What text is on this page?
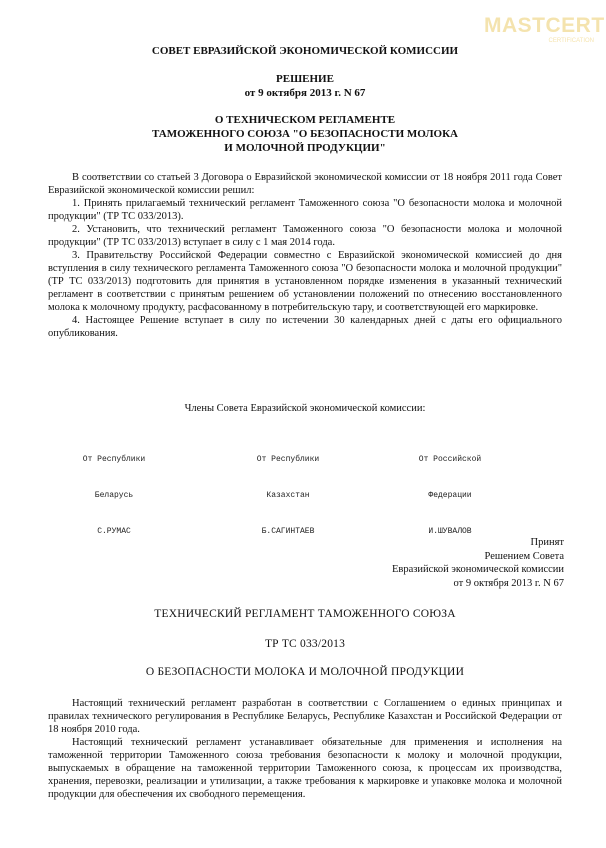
MASTCERT
CERTIFICATION
СОВЕТ ЕВРАЗИЙСКОЙ ЭКОНОМИЧЕСКОЙ КОМИССИИ
РЕШЕНИЕ
от 9 октября 2013 г. N 67
О ТЕХНИЧЕСКОМ РЕГЛАМЕНТЕ
ТАМОЖЕННОГО СОЮЗА "О БЕЗОПАСНОСТИ МОЛОКА
И МОЛОЧНОЙ ПРОДУКЦИИ"

В соответствии со статьей 3 Договора о Евразийской экономической комиссии от 18 ноября 2011 года Совет Евразийской экономической комиссии решил:

1. Принять прилагаемый технический регламент Таможенного союза "О безопасности молока и молочной продукции" (ТР ТС 033/2013).

2. Установить, что технический регламент Таможенного союза "О безопасности молока и молочной продукции" (ТР ТС 033/2013) вступает в силу с 1 мая 2014 года.

3. Правительству Российской Федерации совместно с Евразийской экономической комиссией до дня вступления в силу технического регламента Таможенного союза "О безопасности молока и молочной продукции" (ТР ТС 033/2013) подготовить для принятия в установленном порядке изменения в указанный технический регламент в соответствии с принятым решением об установлении положений по отнесению восстановленного молока к молочному продукту, расфасованному в потребительскую тару, и соответствующей его маркировке.

4. Настоящее Решение вступает в силу по истечении 30 календарных дней с даты его официального опубликования.

Члены Совета Евразийской экономической комиссии:

От Республики

Беларусь

С.РУМАС

От Республики

Казахстан

Б.САГИНТАЕВ

От Российской

Федерации

И.ШУВАЛОВ

Принят
Решением Совета
Евразийской экономической комиссии
от 9 октября 2013 г. N 67
ТЕХНИЧЕСКИЙ РЕГЛАМЕНТ ТАМОЖЕННОГО СОЮЗА
ТР ТС 033/2013
О БЕЗОПАСНОСТИ МОЛОКА И МОЛОЧНОЙ ПРОДУКЦИИ

Настоящий технический регламент разработан в соответствии с Соглашением о единых принципах и правилах технического регулирования в Республике Беларусь, Республике Казахстан и Российской Федерации от 18 ноября 2010 года.

Настоящий технический регламент устанавливает обязательные для применения и исполнения на таможенной территории Таможенного союза требования безопасности к молоку и молочной продукции, выпускаемых в обращение на таможенной территории Таможенного союза, к процессам их производства, хранения, перевозки, реализации и утилизации, а также требования к маркировке и упаковке молока и молочной продукции для обеспечения их свободного перемещения.
